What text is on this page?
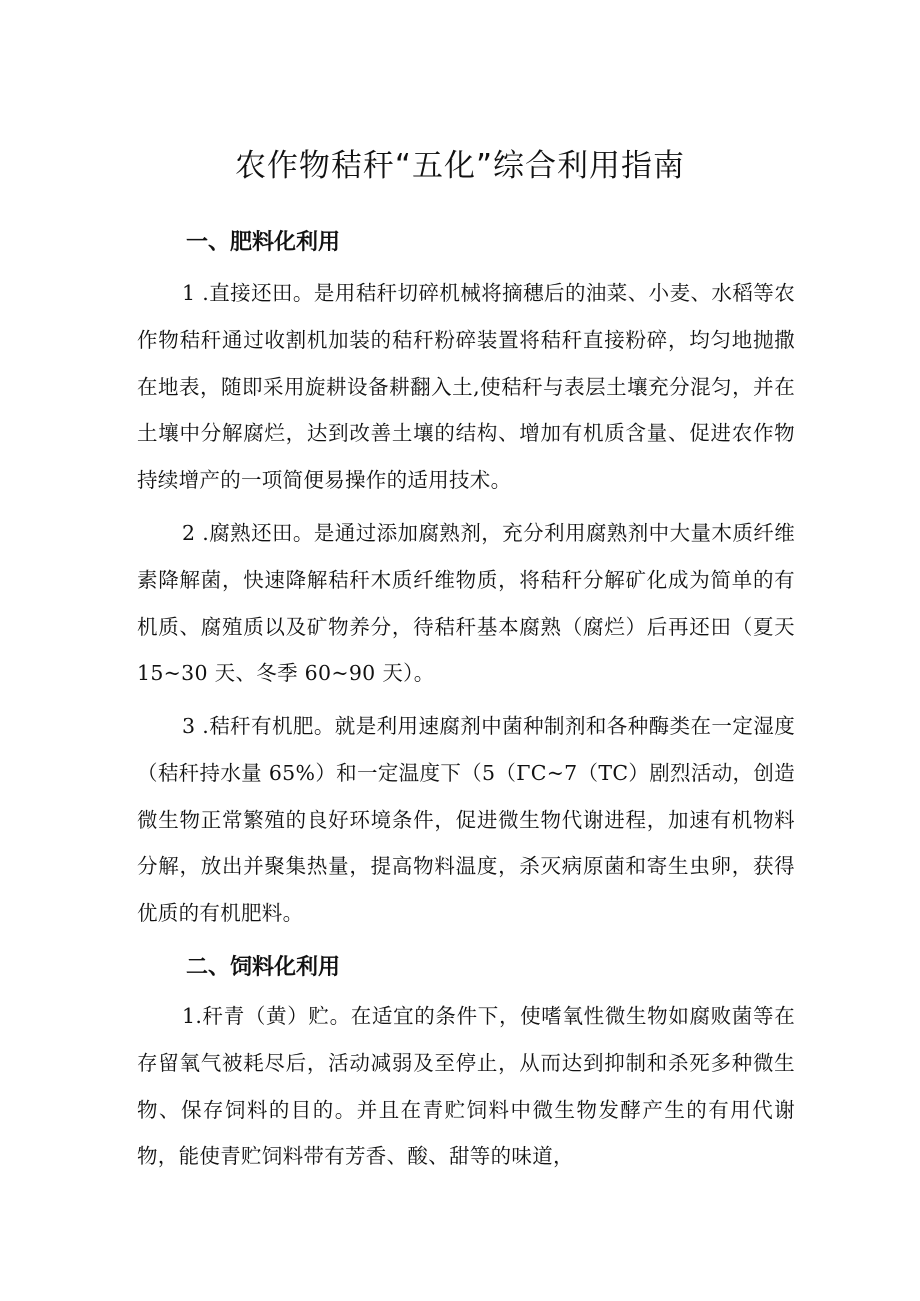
农作物秸秆“五化”综合利用指南
一、肥料化利用

1 .直接还田。是用秸秆切碎机械将摘穗后的油菜、小麦、水稻等农作物秸秆通过收割机加装的秸秆粉碎装置将秸秆直接粉碎，均匀地抛撒在地表，随即采用旋耕设备耕翻入土,使秸秆与表层土壤充分混匀，并在土壤中分解腐烂，达到改善土壤的结构、增加有机质含量、促进农作物持续增产的一项简便易操作的适用技术。

2 .腐熟还田。是通过添加腐熟剂，充分利用腐熟剂中大量木质纤维素降解菌，快速降解秸秆木质纤维物质，将秸秆分解矿化成为简单的有机质、腐殖质以及矿物养分，待秸秆基本腐熟（腐烂）后再还田（夏天 15~30 天、冬季 60~90 天）。

3 .秸秆有机肥。就是利用速腐剂中菌种制剂和各种酶类在一定湿度（秸秆持水量 65%）和一定温度下（5（ΓC~7（TC）剧烈活动，创造微生物正常繁殖的良好环境条件，促进微生物代谢进程，加速有机物料分解，放出并聚集热量，提高物料温度，杀灭病原菌和寄生虫卵，获得优质的有机肥料。

二、饲料化利用

1.秆青（黄）贮。在适宜的条件下，使嗜氧性微生物如腐败菌等在存留氧气被耗尽后，活动减弱及至停止，从而达到抑制和杀死多种微生物、保存饲料的目的。并且在青贮饲料中微生物发酵产生的有用代谢物，能使青贮饲料带有芳香、酸、甜等的味道，
